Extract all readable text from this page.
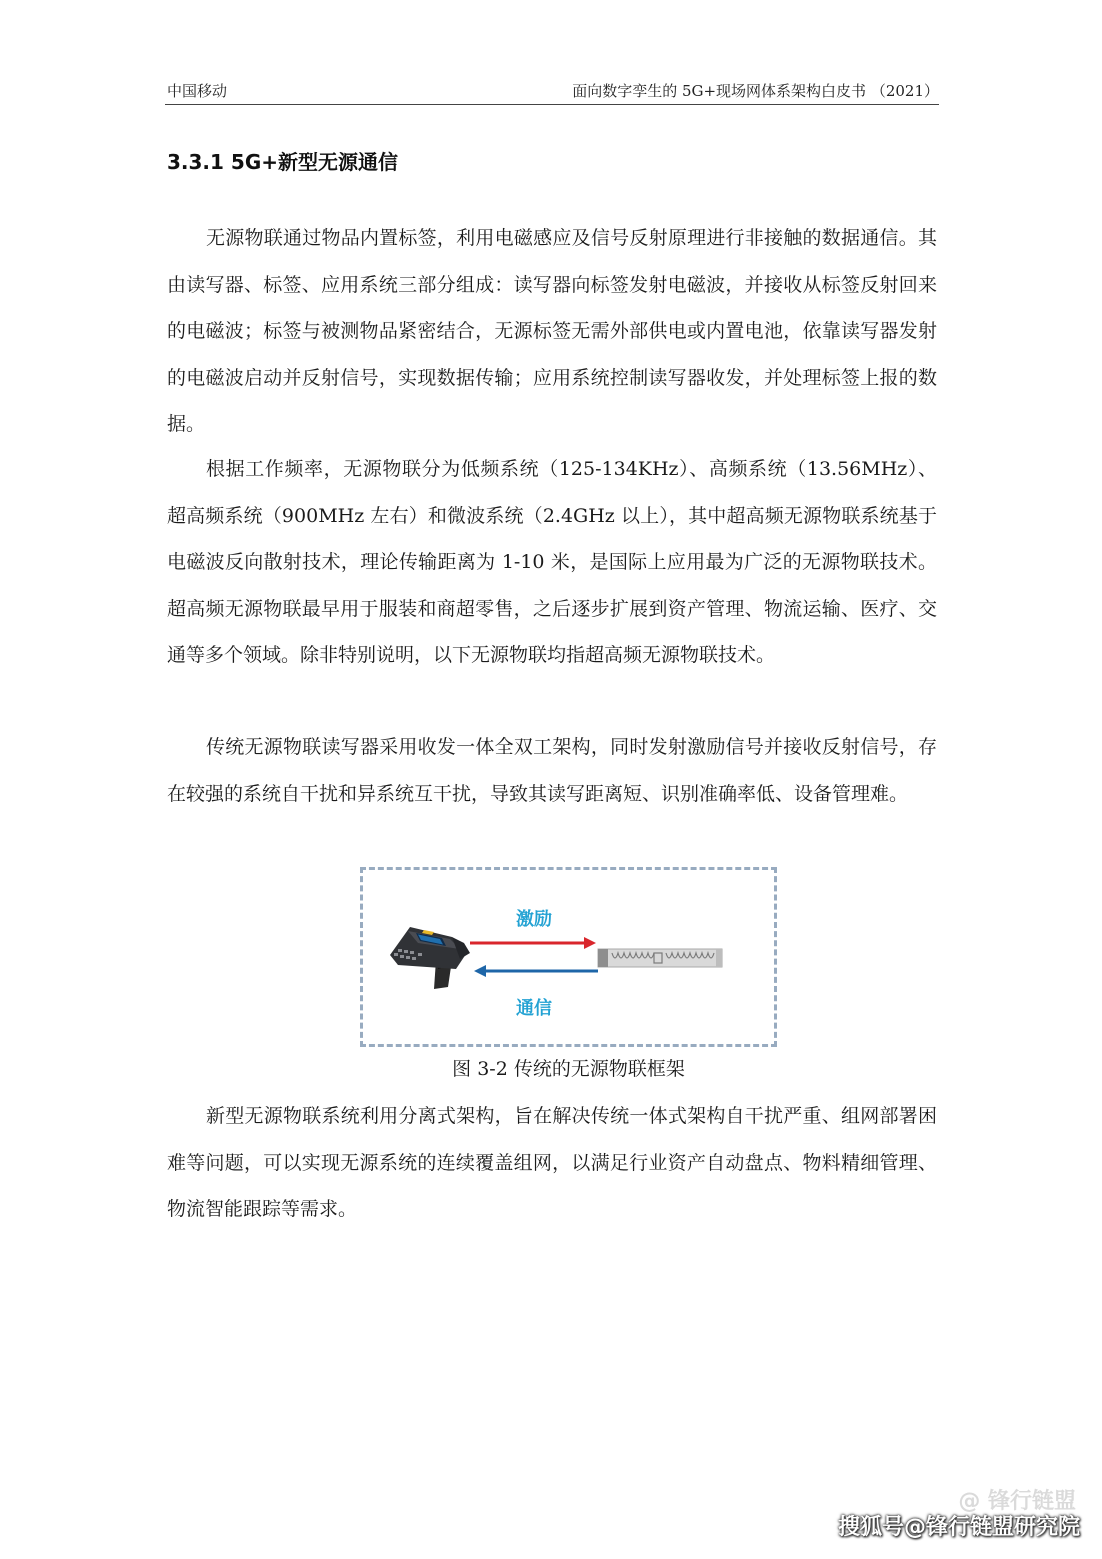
中国移动	面向数字孪生的 5G+现场网体系架构白皮书 （2021）
3.3.1 5G+新型无源通信

无源物联通过物品内置标签，利用电磁感应及信号反射原理进行非接触的数据通信。其由读写器、标签、应用系统三部分组成：读写器向标签发射电磁波，并接收从标签反射回来的电磁波；标签与被测物品紧密结合，无源标签无需外部供电或内置电池，依靠读写器发射的电磁波启动并反射信号，实现数据传输；应用系统控制读写器收发，并处理标签上报的数据。

根据工作频率，无源物联分为低频系统（125-134KHz）、高频系统（13.56MHz）、超高频系统（900MHz 左右）和微波系统（2.4GHz 以上），其中超高频无源物联系统基于电磁波反向散射技术，理论传输距离为 1-10 米，是国际上应用最为广泛的无源物联技术。超高频无源物联最早用于服装和商超零售，之后逐步扩展到资产管理、物流运输、医疗、交通等多个领域。除非特别说明，以下无源物联均指超高频无源物联技术。

传统无源物联读写器采用收发一体全双工架构，同时发射激励信号并接收反射信号，存在较强的系统自干扰和异系统互干扰，导致其读写距离短、识别准确率低、设备管理难。

激励
通信
图 3-2 传统的无源物联框架

新型无源物联系统利用分离式架构，旨在解决传统一体式架构自干扰严重、组网部署困难等问题，可以实现无源系统的连续覆盖组网，以满足行业资产自动盘点、物料精细管理、物流智能跟踪等需求。

@ 锋行链盟
搜狐号@锋行链盟研究院
